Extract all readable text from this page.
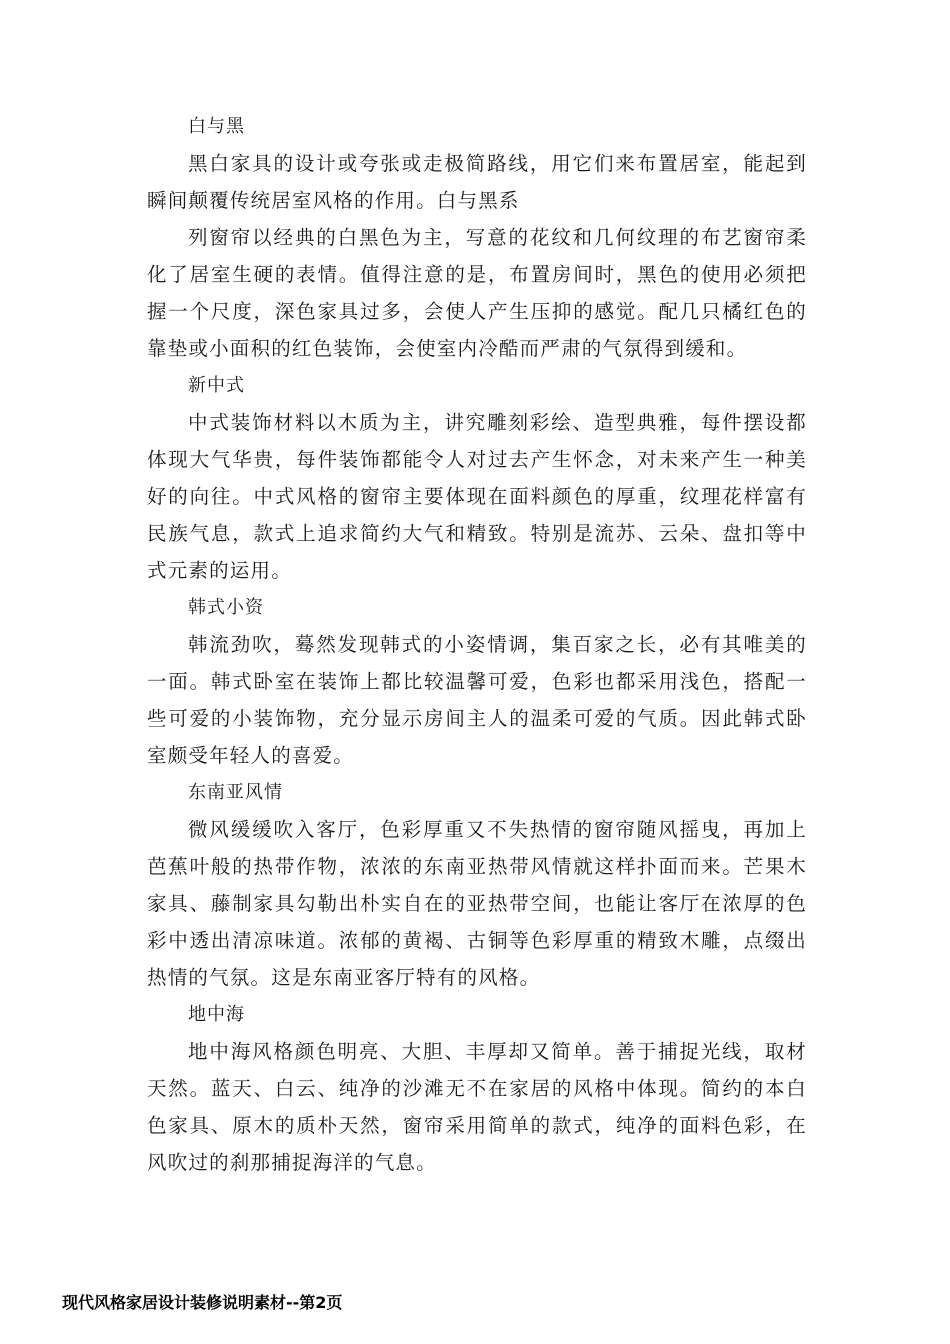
白与黑

黑白家具的设计或夸张或走极简路线，用它们来布置居室，能起到瞬间颠覆传统居室风格的作用。白与黑系

列窗帘以经典的白黑色为主，写意的花纹和几何纹理的布艺窗帘柔化了居室生硬的表情。值得注意的是，布置房间时，黑色的使用必须把握一个尺度，深色家具过多，会使人产生压抑的感觉。配几只橘红色的靠垫或小面积的红色装饰，会使室内冷酷而严肃的气氛得到缓和。

新中式

中式装饰材料以木质为主，讲究雕刻彩绘、造型典雅，每件摆设都体现大气华贵，每件装饰都能令人对过去产生怀念，对未来产生一种美好的向往。中式风格的窗帘主要体现在面料颜色的厚重，纹理花样富有民族气息，款式上追求简约大气和精致。特别是流苏、云朵、盘扣等中式元素的运用。

韩式小资

韩流劲吹，蓦然发现韩式的小姿情调，集百家之长，必有其唯美的一面。韩式卧室在装饰上都比较温馨可爱，色彩也都采用浅色，搭配一些可爱的小装饰物，充分显示房间主人的温柔可爱的气质。因此韩式卧室颇受年轻人的喜爱。

东南亚风情

微风缓缓吹入客厅，色彩厚重又不失热情的窗帘随风摇曳，再加上芭蕉叶般的热带作物，浓浓的东南亚热带风情就这样扑面而来。芒果木家具、藤制家具勾勒出朴实自在的亚热带空间，也能让客厅在浓厚的色彩中透出清凉味道。浓郁的黄褐、古铜等色彩厚重的精致木雕，点缀出热情的气氛。这是东南亚客厅特有的风格。

地中海

地中海风格颜色明亮、大胆、丰厚却又简单。善于捕捉光线，取材天然。蓝天、白云、纯净的沙滩无不在家居的风格中体现。简约的本白色家具、原木的质朴天然，窗帘采用简单的款式，纯净的面料色彩，在风吹过的刹那捕捉海洋的气息。

现代风格家居设计装修说明素材--第2页
